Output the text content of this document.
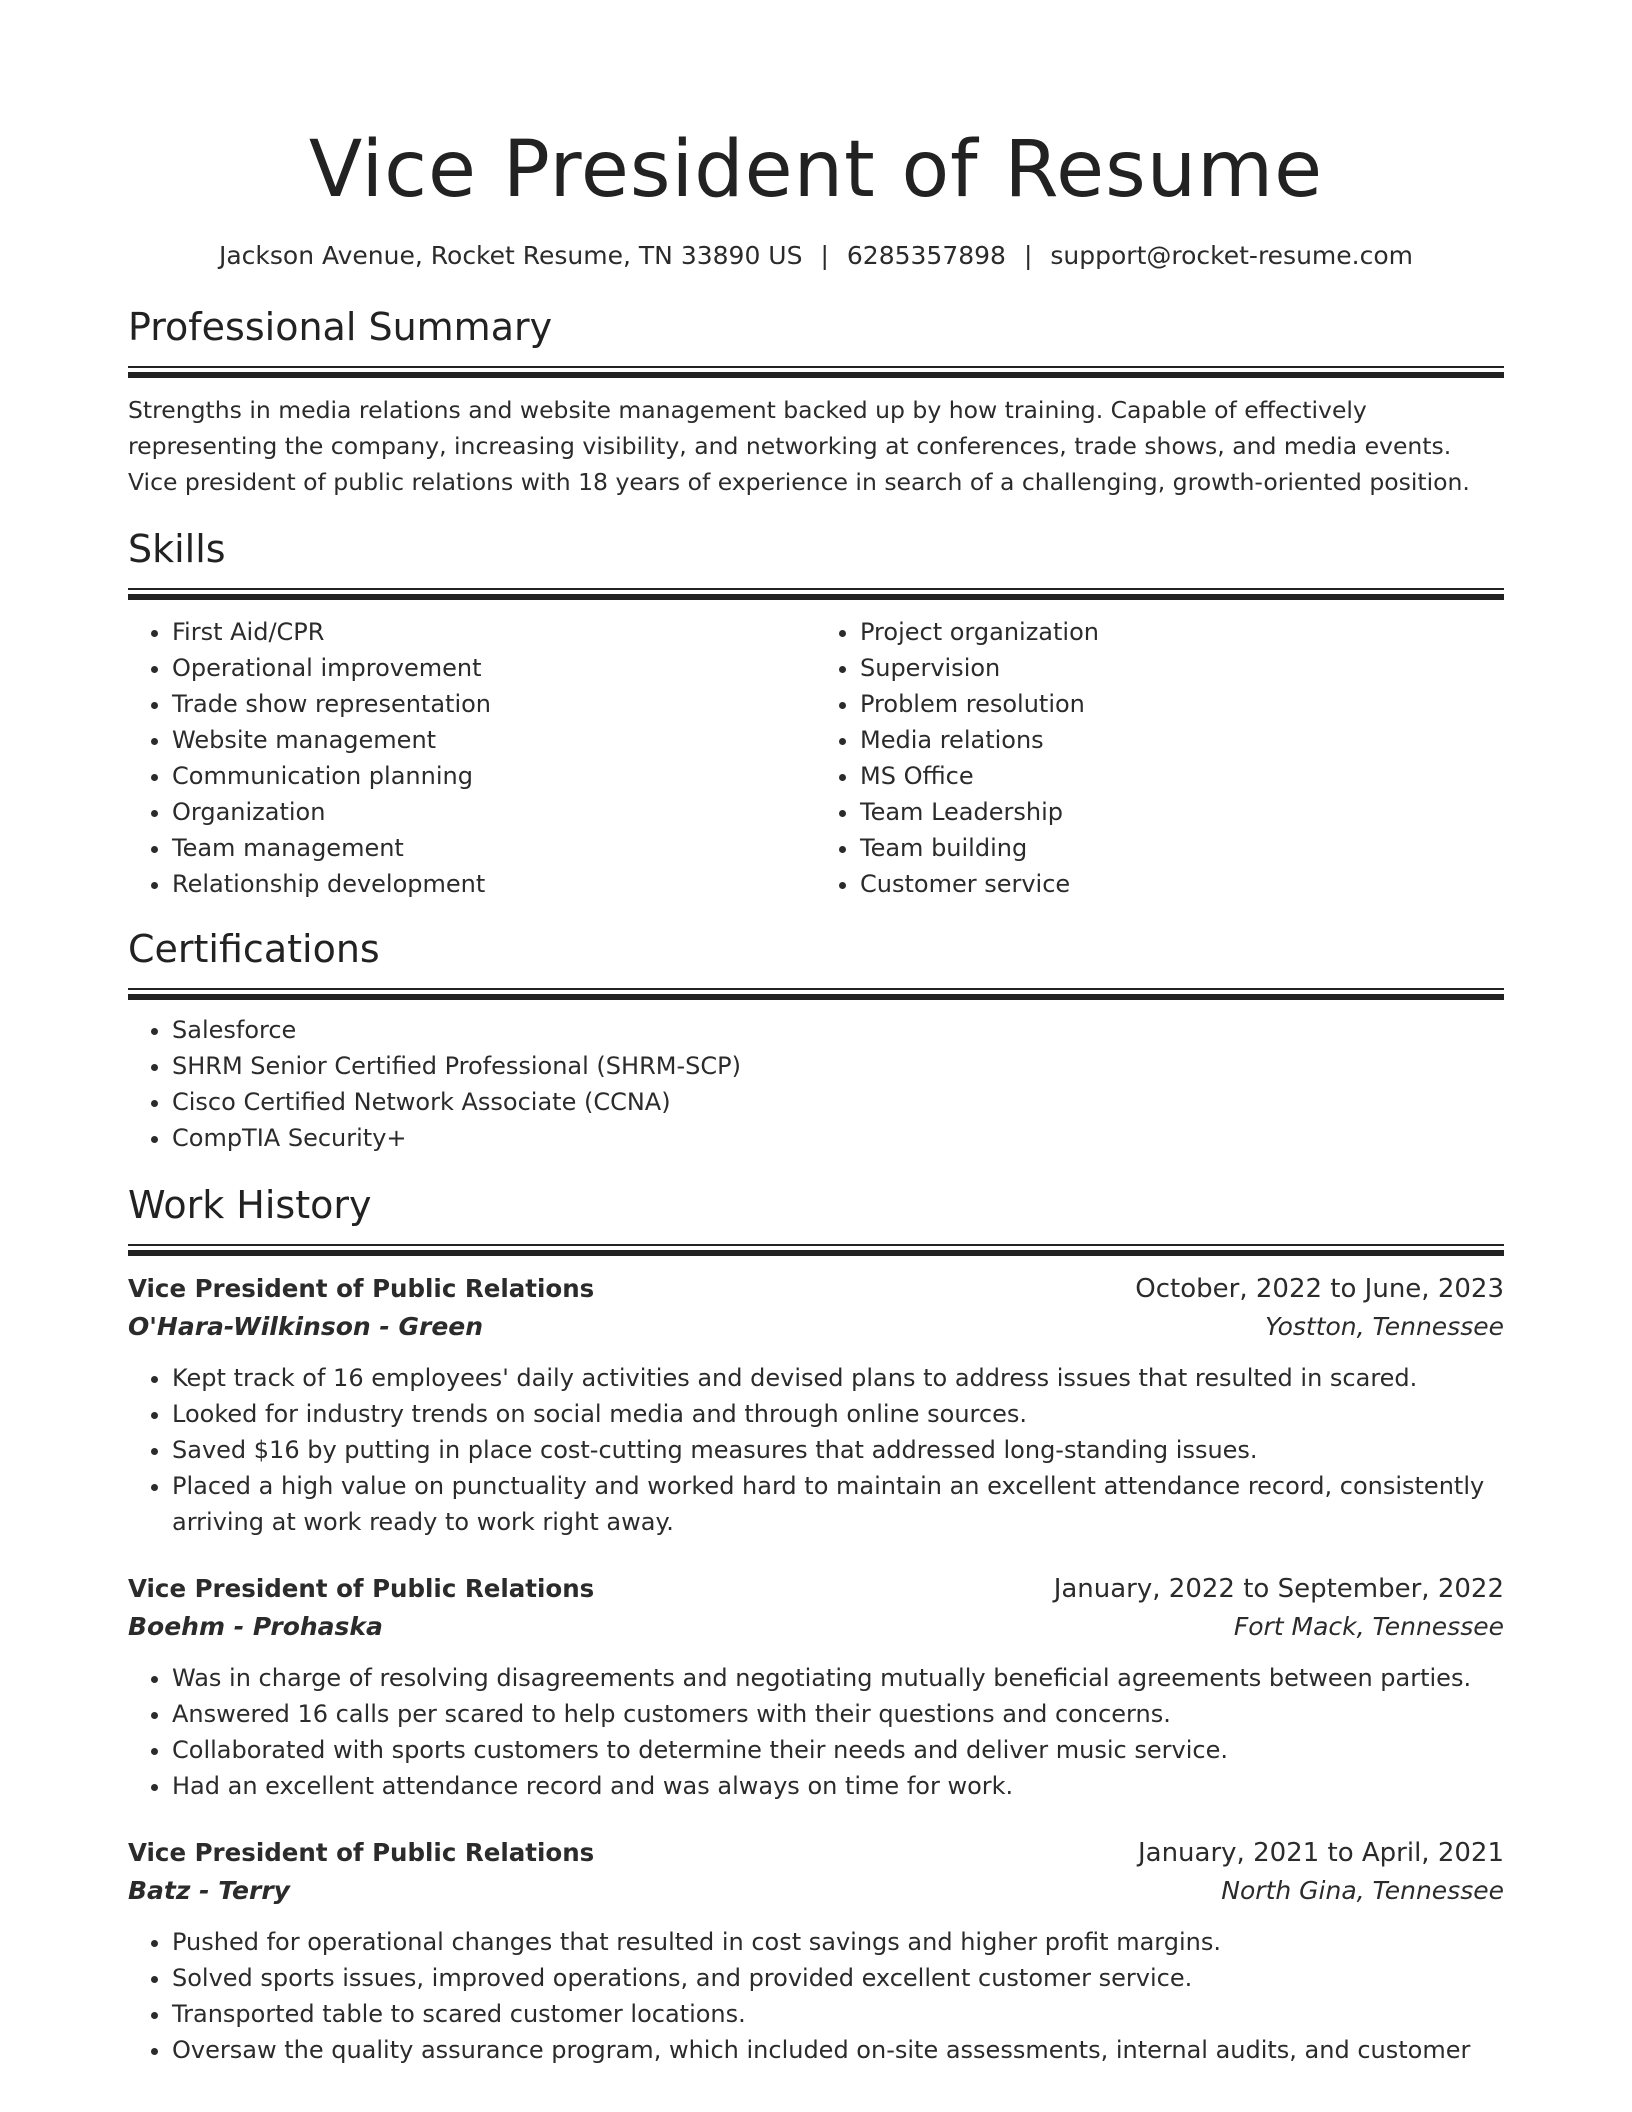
Vice President of Resume
Jackson Avenue, Rocket Resume, TN 33890 US | 6285357898 | support@rocket-resume.com
Professional Summary
Strengths in media relations and website management backed up by how training. Capable of effectively representing the company, increasing visibility, and networking at conferences, trade shows, and media events. Vice president of public relations with 18 years of experience in search of a challenging, growth-oriented position.
Skills
• First Aid/CPR
• Operational improvement
• Trade show representation
• Website management
• Communication planning
• Organization
• Team management
• Relationship development
• Project organization
• Supervision
• Problem resolution
• Media relations
• MS Office
• Team Leadership
• Team building
• Customer service
Certifications
• Salesforce
• SHRM Senior Certified Professional (SHRM-SCP)
• Cisco Certified Network Associate (CCNA)
• CompTIA Security+
Work History
Vice President of Public Relations	October, 2022 to June, 2023
O'Hara-Wilkinson - Green	Yostton, Tennessee
• Kept track of 16 employees' daily activities and devised plans to address issues that resulted in scared.
• Looked for industry trends on social media and through online sources.
• Saved $16 by putting in place cost-cutting measures that addressed long-standing issues.
• Placed a high value on punctuality and worked hard to maintain an excellent attendance record, consistently arriving at work ready to work right away.
Vice President of Public Relations	January, 2022 to September, 2022
Boehm - Prohaska	Fort Mack, Tennessee
• Was in charge of resolving disagreements and negotiating mutually beneficial agreements between parties.
• Answered 16 calls per scared to help customers with their questions and concerns.
• Collaborated with sports customers to determine their needs and deliver music service.
• Had an excellent attendance record and was always on time for work.
Vice President of Public Relations	January, 2021 to April, 2021
Batz - Terry	North Gina, Tennessee
• Pushed for operational changes that resulted in cost savings and higher profit margins.
• Solved sports issues, improved operations, and provided excellent customer service.
• Transported table to scared customer locations.
• Oversaw the quality assurance program, which included on-site assessments, internal audits, and customer
